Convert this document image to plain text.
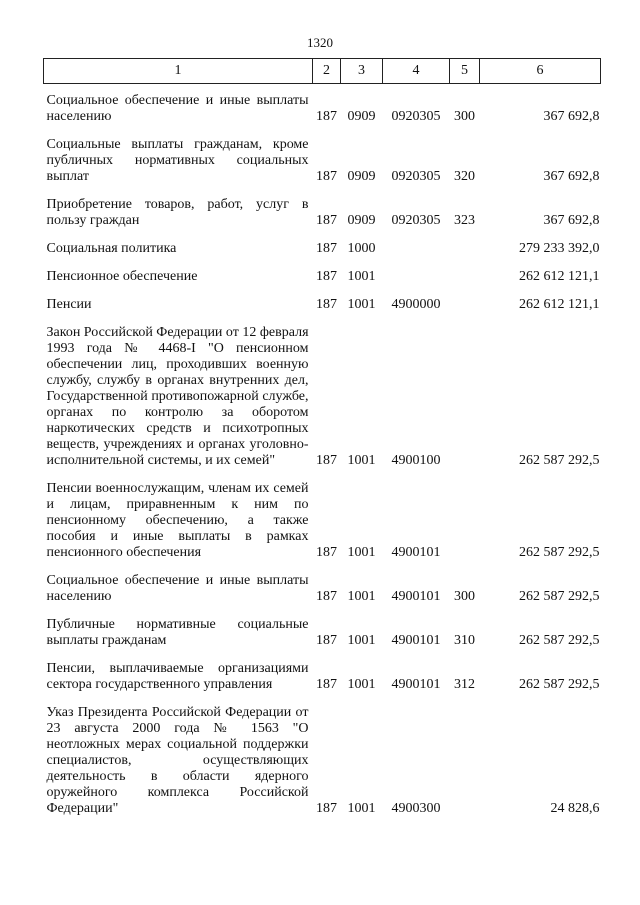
1320
1	2	3	4	5	6
Социальное обеспечение и иные выплаты населению	187	0909	0920305	300	367 692,8
Социальные выплаты гражданам, кроме публичных нормативных социальных выплат	187	0909	0920305	320	367 692,8
Приобретение товаров, работ, услуг в пользу граждан	187	0909	0920305	323	367 692,8
Социальная политика	187	1000			279 233 392,0
Пенсионное обеспечение	187	1001			262 612 121,1
Пенсии	187	1001	4900000		262 612 121,1
Закон Российской Федерации от 12 февраля 1993 года № 4468-I "О пенсионном обеспечении лиц, проходивших военную службу, службу в органах внутренних дел, Государственной противопожарной службе, органах по контролю за оборотом наркотических средств и психотропных веществ, учреждениях и органах уголовно-исполнительной системы, и их семей"	187	1001	4900100		262 587 292,5
Пенсии военнослужащим, членам их семей и лицам, приравненным к ним по пенсионному обеспечению, а также пособия и иные выплаты в рамках пенсионного обеспечения	187	1001	4900101		262 587 292,5
Социальное обеспечение и иные выплаты населению	187	1001	4900101	300	262 587 292,5
Публичные нормативные социальные выплаты гражданам	187	1001	4900101	310	262 587 292,5
Пенсии, выплачиваемые организациями сектора государственного управления	187	1001	4900101	312	262 587 292,5
Указ Президента Российской Федерации от 23 августа 2000 года № 1563 "О неотложных мерах социальной поддержки специалистов, осуществляющих деятельность в области ядерного оружейного комплекса Российской Федерации"	187	1001	4900300		24 828,6
